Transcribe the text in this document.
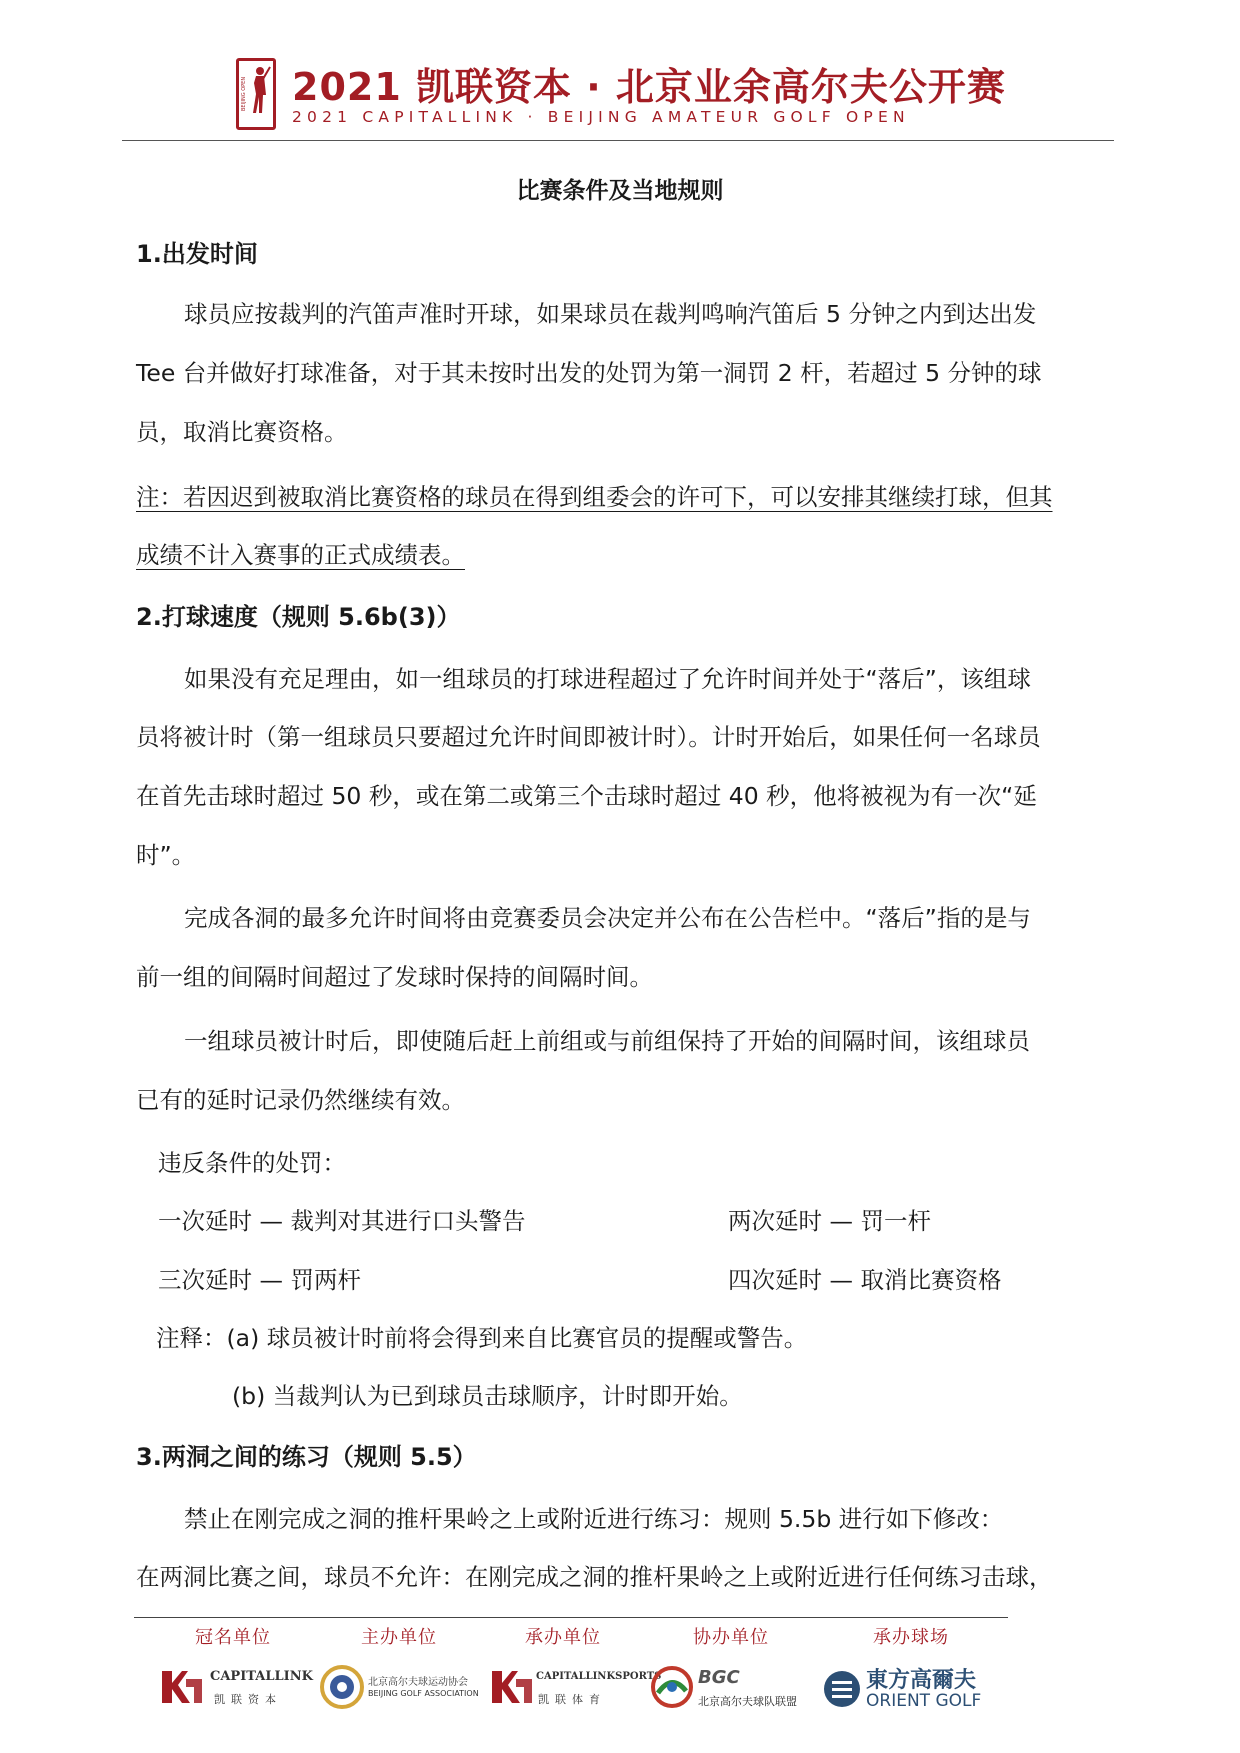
BEIJING OPEN 2021 凯联资本 · 北京业余高尔夫公开赛
2021 CAPITALLINK · BEIJING AMATEUR GOLF OPEN
比赛条件及当地规则
1.出发时间
球员应按裁判的汽笛声准时开球，如果球员在裁判鸣响汽笛后 5 分钟之内到达出发
Tee 台并做好打球准备，对于其未按时出发的处罚为第一洞罚 2 杆，若超过 5 分钟的球
员，取消比赛资格。
注：若因迟到被取消比赛资格的球员在得到组委会的许可下，可以安排其继续打球，但其
成绩不计入赛事的正式成绩表。
2.打球速度（规则 5.6b(3)）
如果没有充足理由，如一组球员的打球进程超过了允许时间并处于“落后”，该组球
员将被计时（第一组球员只要超过允许时间即被计时）。计时开始后，如果任何一名球员
在首先击球时超过 50 秒，或在第二或第三个击球时超过 40 秒，他将被视为有一次“延
时”。
完成各洞的最多允许时间将由竞赛委员会决定并公布在公告栏中。“落后”指的是与
前一组的间隔时间超过了发球时保持的间隔时间。
一组球员被计时后，即使随后赶上前组或与前组保持了开始的间隔时间，该组球员
已有的延时记录仍然继续有效。
违反条件的处罚：
一次延时 — 裁判对其进行口头警告	两次延时 — 罚一杆
三次延时 — 罚两杆	四次延时 — 取消比赛资格
注释：(a) 球员被计时前将会得到来自比赛官员的提醒或警告。
(b) 当裁判认为已到球员击球顺序，计时即开始。
3.两洞之间的练习（规则 5.5）
禁止在刚完成之洞的推杆果岭之上或附近进行练习：规则 5.5b 进行如下修改：
在两洞比赛之间，球员不允许：在刚完成之洞的推杆果岭之上或附近进行任何练习击球，
冠名单位
CAPITALLINK
凯联资本
主办单位
北京高尔夫球运动协会
BEIJING GOLF ASSOCIATION
承办单位
CAPITALLINKSPORTS
凯联体育
协办单位
BGC
北京高尔夫球队联盟
承办球场
東方高爾夫
ORIENT GOLF
